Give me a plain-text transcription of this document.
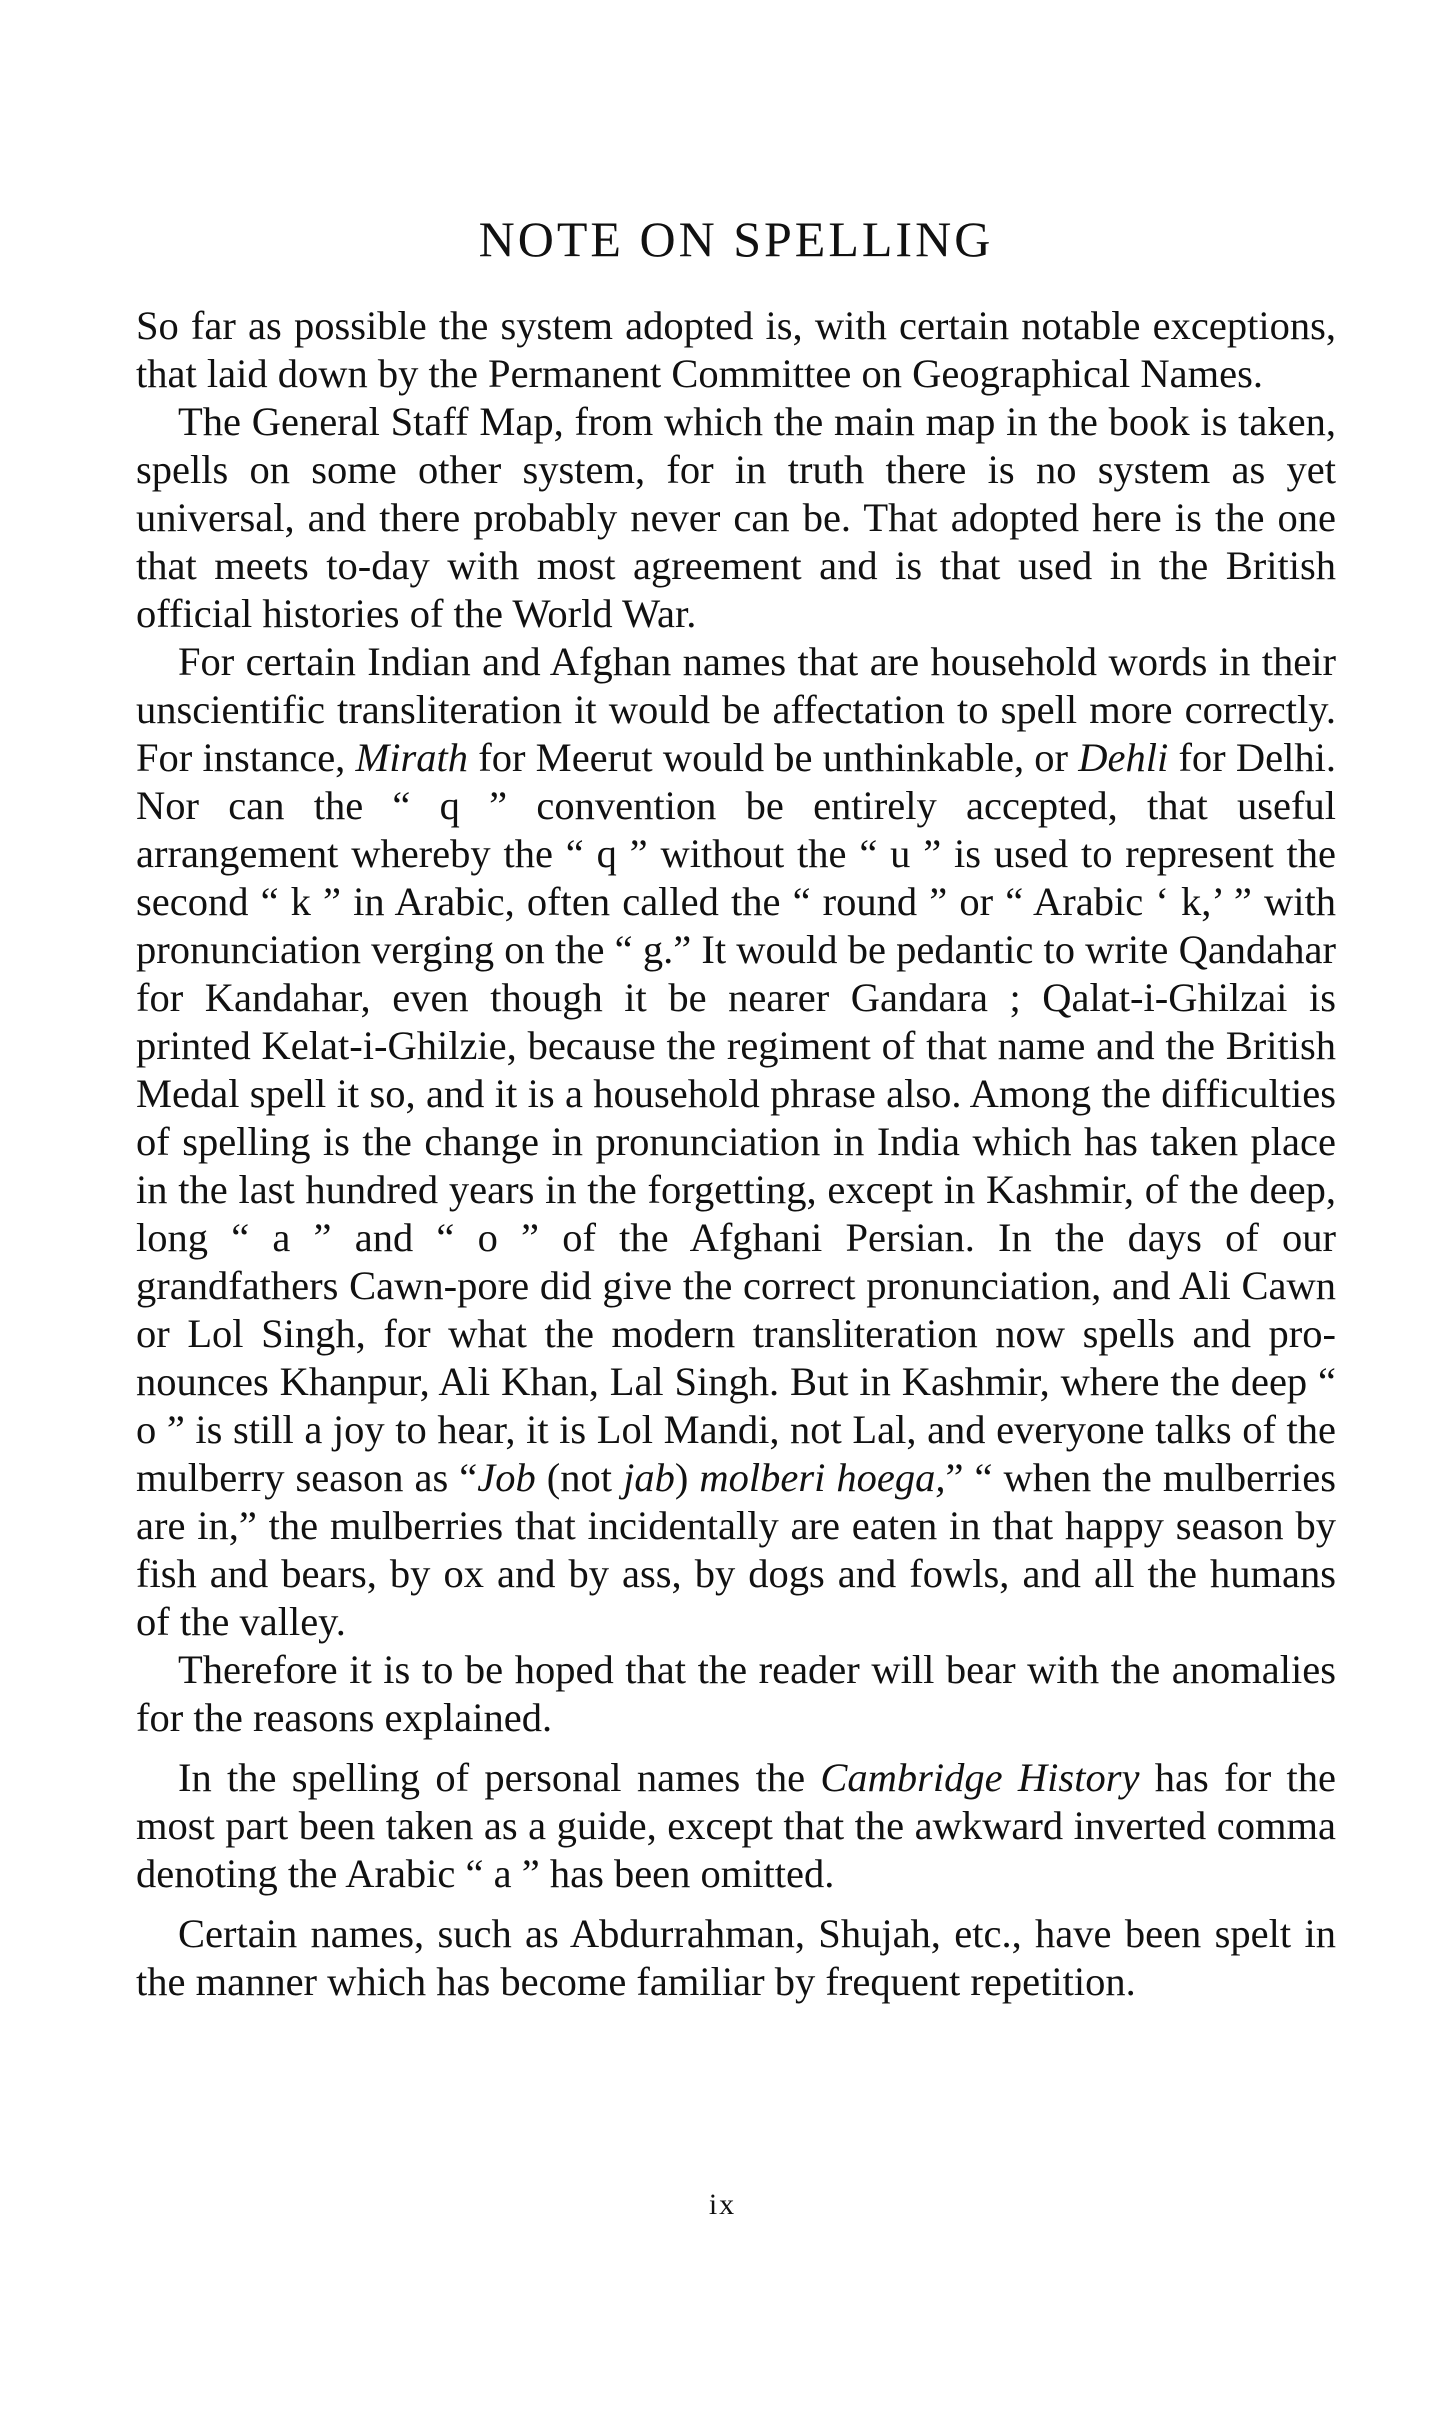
NOTE ON SPELLING

So far as possible the system adopted is, with certain notable exceptions, that laid down by the Permanent Committee on Geographical Names.

The General Staff Map, from which the main map in the book is taken, spells on some other system, for in truth there is no system as yet universal, and there probably never can be. That adopted here is the one that meets to-day with most agreement and is that used in the British official histories of the World War.

For certain Indian and Afghan names that are household words in their unscientific transliteration it would be affectation to spell more correctly. For instance, Mirath for Meerut would be unthinkable, or Dehli for Delhi. Nor can the “ q ” convention be entirely accepted, that useful arrangement whereby the “ q ” without the “ u ” is used to represent the second “ k ” in Arabic, often called the “ round ” or “ Arabic ‘ k,’ ” with pronunciation verging on the “ g.” It would be pedantic to write Qandahar for Kandahar, even though it be nearer Gandara ; Qalat-i-Ghilzai is printed Kelat-i-Ghilzie, because the regiment of that name and the British Medal spell it so, and it is a household phrase also. Among the difficulties of spelling is the change in pronunciation in India which has taken place in the last hundred years in the forgetting, except in Kashmir, of the deep, long “ a ” and “ o ” of the Afghani Persian. In the days of our grandfathers Cawn-pore did give the correct pronunciation, and Ali Cawn or Lol Singh, for what the modern transliteration now spells and pro-nounces Khanpur, Ali Khan, Lal Singh. But in Kashmir, where the deep “ o ” is still a joy to hear, it is Lol Mandi, not Lal, and everyone talks of the mulberry season as “Job (not jab) molberi hoega,” “ when the mulberries are in,” the mulberries that incidentally are eaten in that happy season by fish and bears, by ox and by ass, by dogs and fowls, and all the humans of the valley.

Therefore it is to be hoped that the reader will bear with the anomalies for the reasons explained.

In the spelling of personal names the Cambridge History has for the most part been taken as a guide, except that the awkward inverted comma denoting the Arabic “ a ” has been omitted.

Certain names, such as Abdurrahman, Shujah, etc., have been spelt in the manner which has become familiar by frequent repetition.

ix
